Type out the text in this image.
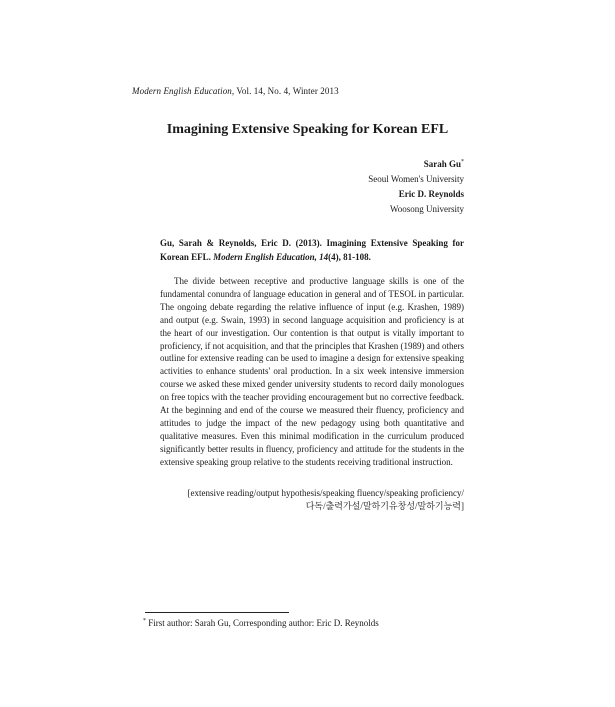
Modern English Education, Vol. 14, No. 4, Winter 2013
Imagining Extensive Speaking for Korean EFL
Sarah Gu*
Seoul Women's University
Eric D. Reynolds
Woosong University
Gu, Sarah & Reynolds, Eric D. (2013). Imagining Extensive Speaking for Korean EFL. Modern English Education, 14(4), 81-108.
The divide between receptive and productive language skills is one of the fundamental conundra of language education in general and of TESOL in particular. The ongoing debate regarding the relative influence of input (e.g. Krashen, 1989) and output (e.g. Swain, 1993) in second language acquisition and proficiency is at the heart of our investigation. Our contention is that output is vitally important to proficiency, if not acquisition, and that the principles that Krashen (1989) and others outline for extensive reading can be used to imagine a design for extensive speaking activities to enhance students' oral production. In a six week intensive immersion course we asked these mixed gender university students to record daily monologues on free topics with the teacher providing encouragement but no corrective feedback. At the beginning and end of the course we measured their fluency, proficiency and attitudes to judge the impact of the new pedagogy using both quantitative and qualitative measures. Even this minimal modification in the curriculum produced significantly better results in fluency, proficiency and attitude for the students in the extensive speaking group relative to the students receiving traditional instruction.
[extensive reading/output hypothesis/speaking fluency/speaking proficiency/
다독/출력가설/말하기유창성/말하기능력]
* First author: Sarah Gu, Corresponding author: Eric D. Reynolds
